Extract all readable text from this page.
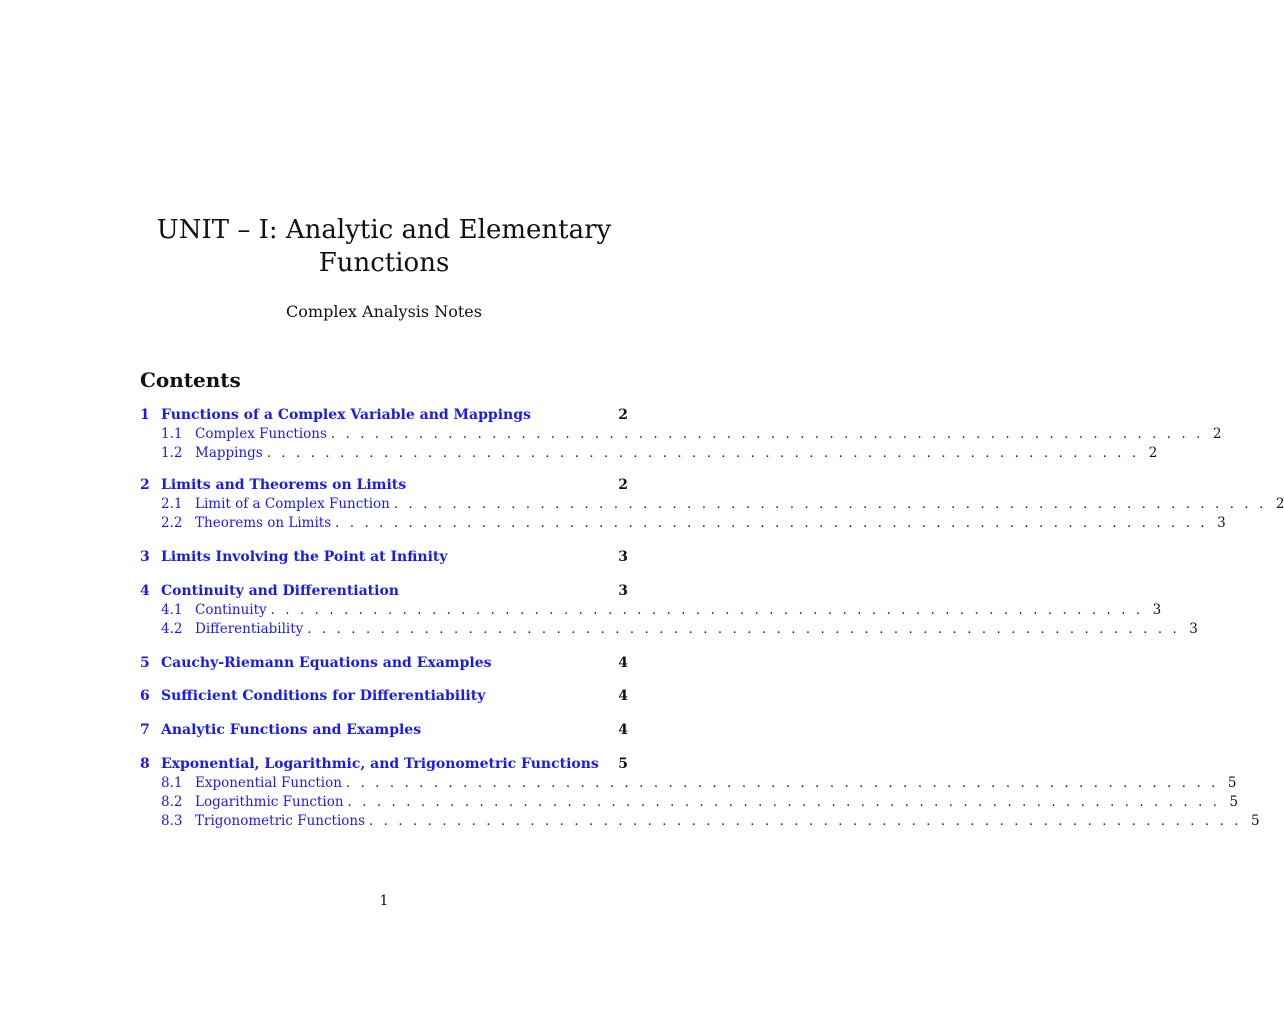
UNIT – I: Analytic and Elementary
Functions
Complex Analysis Notes
Contents
1 Functions of a Complex Variable and Mappings	2
1.1 Complex Functions . . . . . . . . . . . . . . . . . . . . . . . . . . . . . . . . . . . . . . . . . . . . . . . . . . . . . . . . . . . . 2
1.2 Mappings . . . . . . . . . . . . . . . . . . . . . . . . . . . . . . . . . . . . . . . . . . . . . . . . . . . . . . . . . . . . 2
2 Limits and Theorems on Limits	2
2.1 Limit of a Complex Function . . . . . . . . . . . . . . . . . . . . . . . . . . . . . . . . . . . . . . . . . . . . . . . . . . . . . . . . . . . . 2
2.2 Theorems on Limits . . . . . . . . . . . . . . . . . . . . . . . . . . . . . . . . . . . . . . . . . . . . . . . . . . . . . . . . . . . . 3
3 Limits Involving the Point at Infinity	3
4 Continuity and Differentiation	3
4.1 Continuity . . . . . . . . . . . . . . . . . . . . . . . . . . . . . . . . . . . . . . . . . . . . . . . . . . . . . . . . . . . . 3
4.2 Differentiability . . . . . . . . . . . . . . . . . . . . . . . . . . . . . . . . . . . . . . . . . . . . . . . . . . . . . . . . . . . . 3
5 Cauchy-Riemann Equations and Examples	4
6 Sufficient Conditions for Differentiability	4
7 Analytic Functions and Examples	4
8 Exponential, Logarithmic, and Trigonometric Functions 5
8.1 Exponential Function . . . . . . . . . . . . . . . . . . . . . . . . . . . . . . . . . . . . . . . . . . . . . . . . . . . . . . . . . . . . 5
8.2 Logarithmic Function . . . . . . . . . . . . . . . . . . . . . . . . . . . . . . . . . . . . . . . . . . . . . . . . . . . . . . . . . . . . 5
8.3 Trigonometric Functions . . . . . . . . . . . . . . . . . . . . . . . . . . . . . . . . . . . . . . . . . . . . . . . . . . . . . . . . . . . . 5
1
